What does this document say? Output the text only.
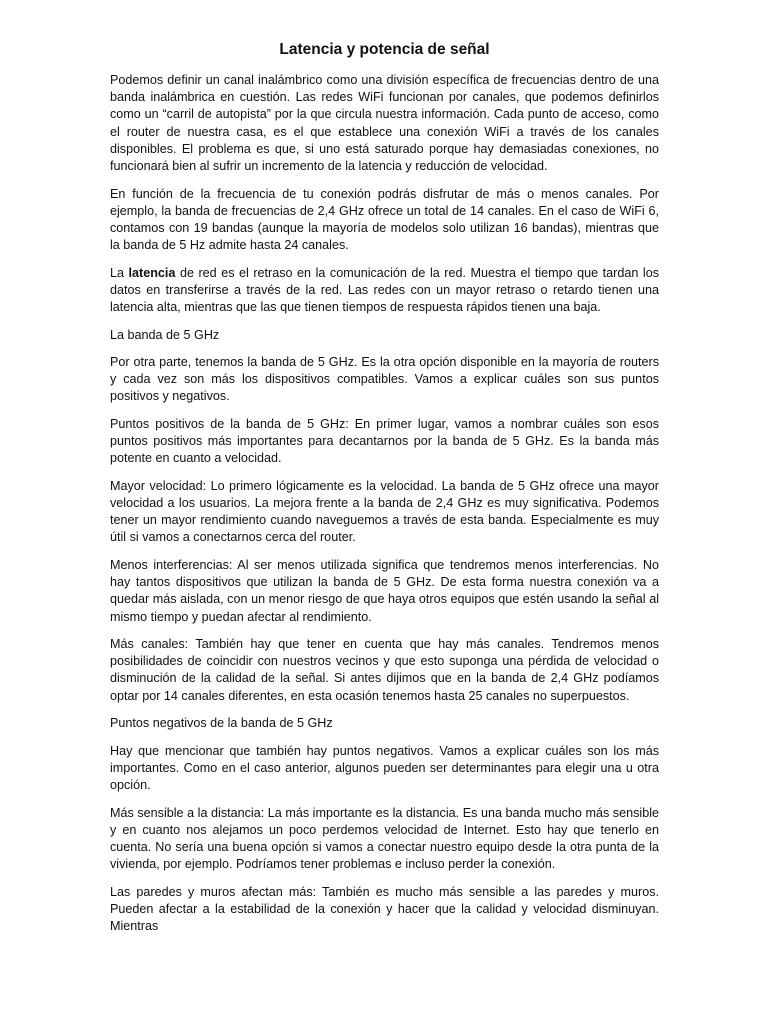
Latencia y potencia de señal

Podemos definir un canal inalámbrico como una división específica de frecuencias dentro de una banda inalámbrica en cuestión. Las redes WiFi funcionan por canales, que podemos definirlos como un “carril de autopista” por la que circula nuestra información. Cada punto de acceso, como el router de nuestra casa, es el que establece una conexión WiFi a través de los canales disponibles. El problema es que, si uno está saturado porque hay demasiadas conexiones, no funcionará bien al sufrir un incremento de la latencia y reducción de velocidad.

En función de la frecuencia de tu conexión podrás disfrutar de más o menos canales. Por ejemplo, la banda de frecuencias de 2,4 GHz ofrece un total de 14 canales. En el caso de WiFi 6, contamos con 19 bandas (aunque la mayoría de modelos solo utilizan 16 bandas), mientras que la banda de 5 Hz admite hasta 24 canales.

La latencia de red es el retraso en la comunicación de la red. Muestra el tiempo que tardan los datos en transferirse a través de la red. Las redes con un mayor retraso o retardo tienen una latencia alta, mientras que las que tienen tiempos de respuesta rápidos tienen una baja.

La banda de 5 GHz

Por otra parte, tenemos la banda de 5 GHz. Es la otra opción disponible en la mayoría de routers y cada vez son más los dispositivos compatibles. Vamos a explicar cuáles son sus puntos positivos y negativos.

Puntos positivos de la banda de 5 GHz: En primer lugar, vamos a nombrar cuáles son esos puntos positivos más importantes para decantarnos por la banda de 5 GHz. Es la banda más potente en cuanto a velocidad.

Mayor velocidad: Lo primero lógicamente es la velocidad. La banda de 5 GHz ofrece una mayor velocidad a los usuarios. La mejora frente a la banda de 2,4 GHz es muy significativa. Podemos tener un mayor rendimiento cuando naveguemos a través de esta banda. Especialmente es muy útil si vamos a conectarnos cerca del router.

Menos interferencias: Al ser menos utilizada significa que tendremos menos interferencias. No hay tantos dispositivos que utilizan la banda de 5 GHz. De esta forma nuestra conexión va a quedar más aislada, con un menor riesgo de que haya otros equipos que estén usando la señal al mismo tiempo y puedan afectar al rendimiento.

Más canales: También hay que tener en cuenta que hay más canales. Tendremos menos posibilidades de coincidir con nuestros vecinos y que esto suponga una pérdida de velocidad o disminución de la calidad de la señal. Si antes dijimos que en la banda de 2,4 GHz podíamos optar por 14 canales diferentes, en esta ocasión tenemos hasta 25 canales no superpuestos.

Puntos negativos de la banda de 5 GHz

Hay que mencionar que también hay puntos negativos. Vamos a explicar cuáles son los más importantes. Como en el caso anterior, algunos pueden ser determinantes para elegir una u otra opción.

Más sensible a la distancia: La más importante es la distancia. Es una banda mucho más sensible y en cuanto nos alejamos un poco perdemos velocidad de Internet. Esto hay que tenerlo en cuenta. No sería una buena opción si vamos a conectar nuestro equipo desde la otra punta de la vivienda, por ejemplo. Podríamos tener problemas e incluso perder la conexión.

Las paredes y muros afectan más: También es mucho más sensible a las paredes y muros. Pueden afectar a la estabilidad de la conexión y hacer que la calidad y velocidad disminuyan. Mientras
